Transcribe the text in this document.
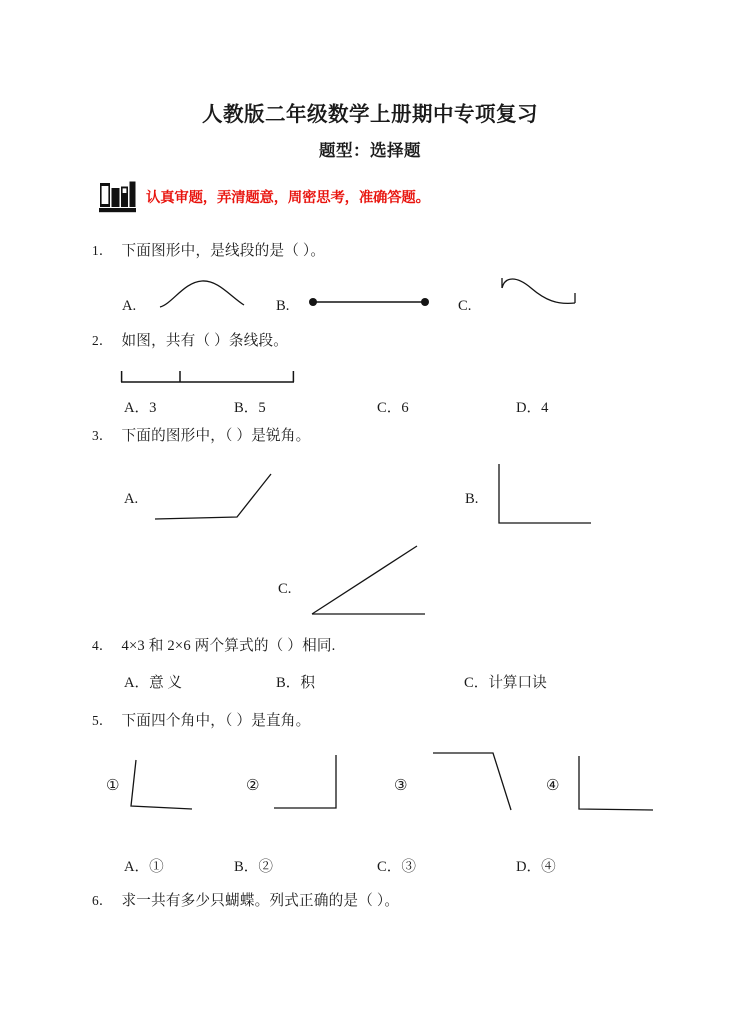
人教版二年级数学上册期中专项复习
题型：选择题
认真审题，弄清题意，周密思考，准确答题。
1． 下面图形中，是线段的是（ ）。
A.	B.	C.
2． 如图，共有（ ）条线段。
A．3	B．5	C．6	D．4
3． 下面的图形中，（ ）是锐角。
A.	B.
C.
4． 4×3 和 2×6 两个算式的（ ）相同.
A．意 义	B．积	C．计算口诀
5． 下面四个角中，（ ）是直角。
①	②	③	④
A．①	B．②	C．③	D．④
6． 求一共有多少只蝴蝶。列式正确的是（ ）。
